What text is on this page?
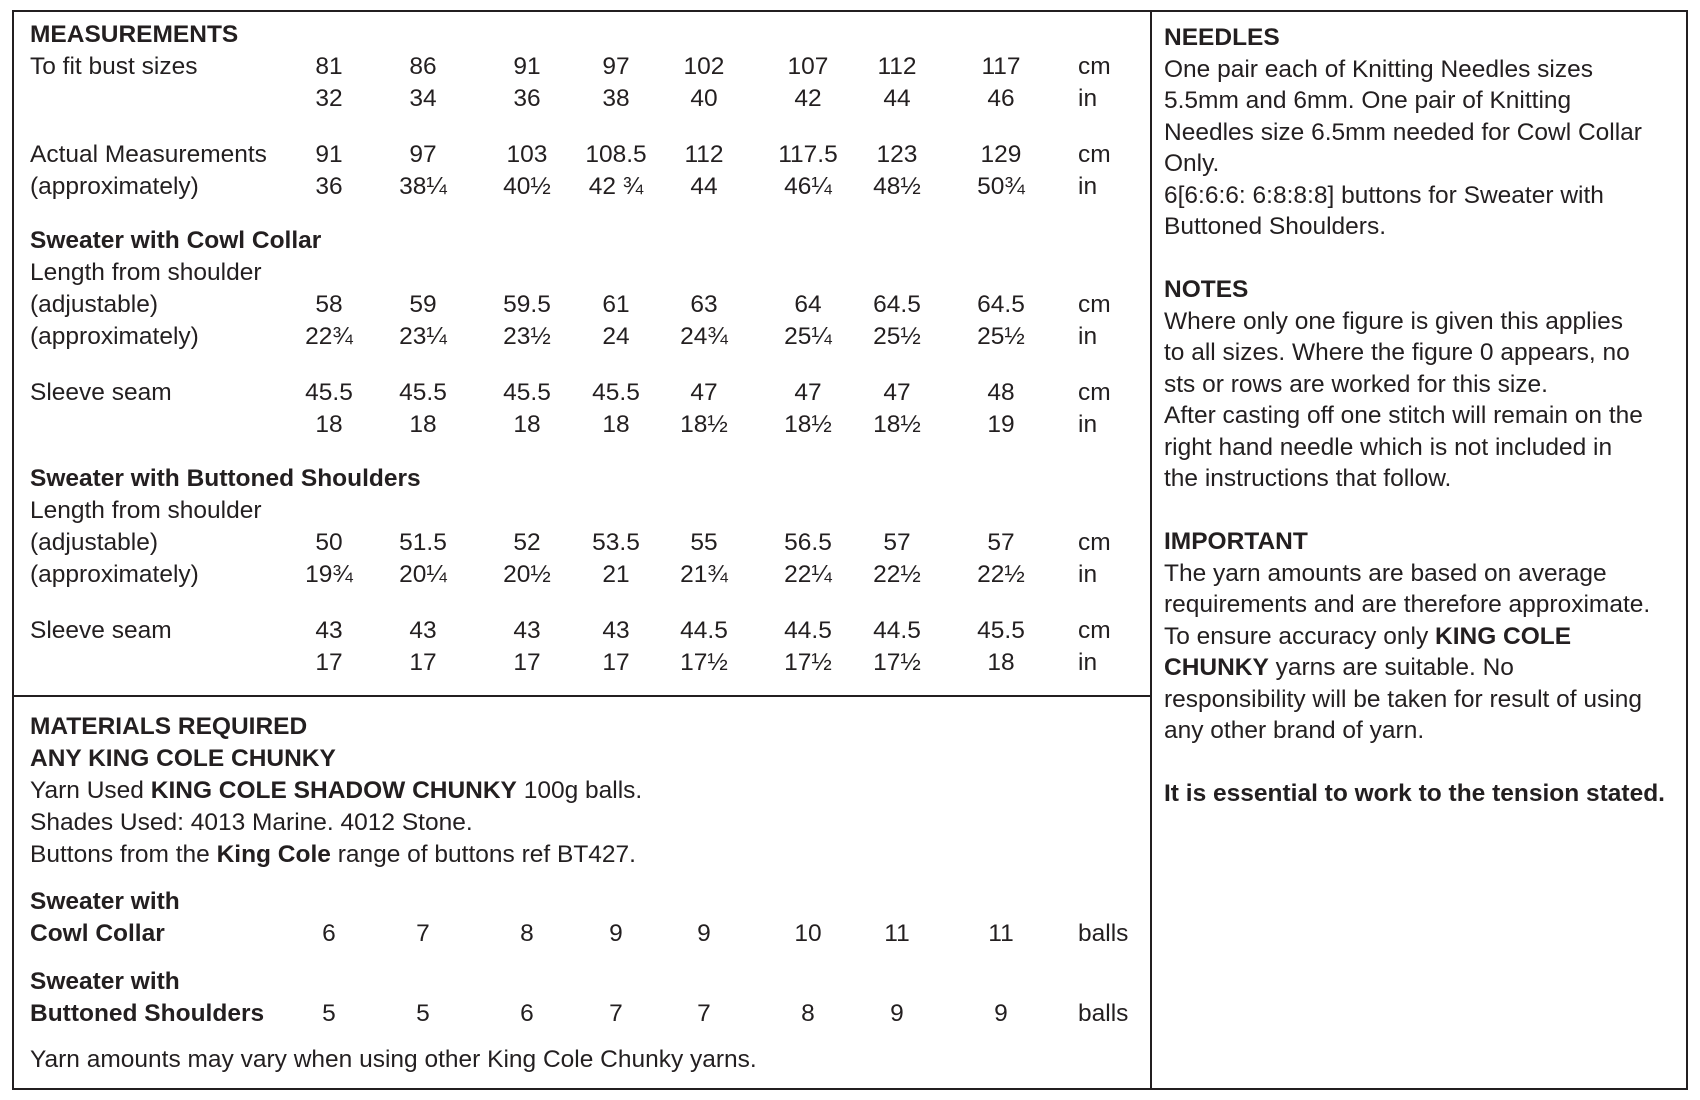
MEASUREMENTS
To fit bust sizes	81	86	91	97	102	107	112	117	cm
32	34	36	38	40	42	44	46	in
Actual Measurements	91	97	103	108.5	112	117.5	123	129	cm
(approximately)	36	38¼	40½	42 ¾	44	46¼	48½	50¾	in
Sweater with Cowl Collar
Length from shoulder
(adjustable)	58	59	59.5	61	63	64	64.5	64.5	cm
(approximately)	22¾	23¼	23½	24	24¾	25¼	25½	25½	in
Sleeve seam	45.5	45.5	45.5	45.5	47	47	47	48	cm
18	18	18	18	18½	18½	18½	19	in
Sweater with Buttoned Shoulders
Length from shoulder
(adjustable)	50	51.5	52	53.5	55	56.5	57	57	cm
(approximately)	19¾	20¼	20½	21	21¾	22¼	22½	22½	in
Sleeve seam	43	43	43	43	44.5	44.5	44.5	45.5	cm
17	17	17	17	17½	17½	17½	18	in
MATERIALS REQUIRED
ANY KING COLE CHUNKY
Yarn Used KING COLE SHADOW CHUNKY 100g balls.
Shades Used: 4013 Marine. 4012 Stone.
Buttons from the King Cole range of buttons ref BT427.
Sweater with
Cowl Collar	6	7	8	9	9	10	11	11	balls
Sweater with
Buttoned Shoulders	5	5	6	7	7	8	9	9	balls
Yarn amounts may vary when using other King Cole Chunky yarns.

NEEDLES

One pair each of Knitting Needles sizes

5.5mm and 6mm. One pair of Knitting

Needles size 6.5mm needed for Cowl Collar

Only.

6[6:6:6: 6:8:8:8] buttons for Sweater with

Buttoned Shoulders.

NOTES

Where only one figure is given this applies

to all sizes. Where the figure 0 appears, no

sts or rows are worked for this size.

After casting off one stitch will remain on the

right hand needle which is not included in

the instructions that follow.

IMPORTANT

The yarn amounts are based on average

requirements and are therefore approximate.

To ensure accuracy only KING COLE

CHUNKY yarns are suitable. No

responsibility will be taken for result of using

any other brand of yarn.

It is essential to work to the tension stated.
